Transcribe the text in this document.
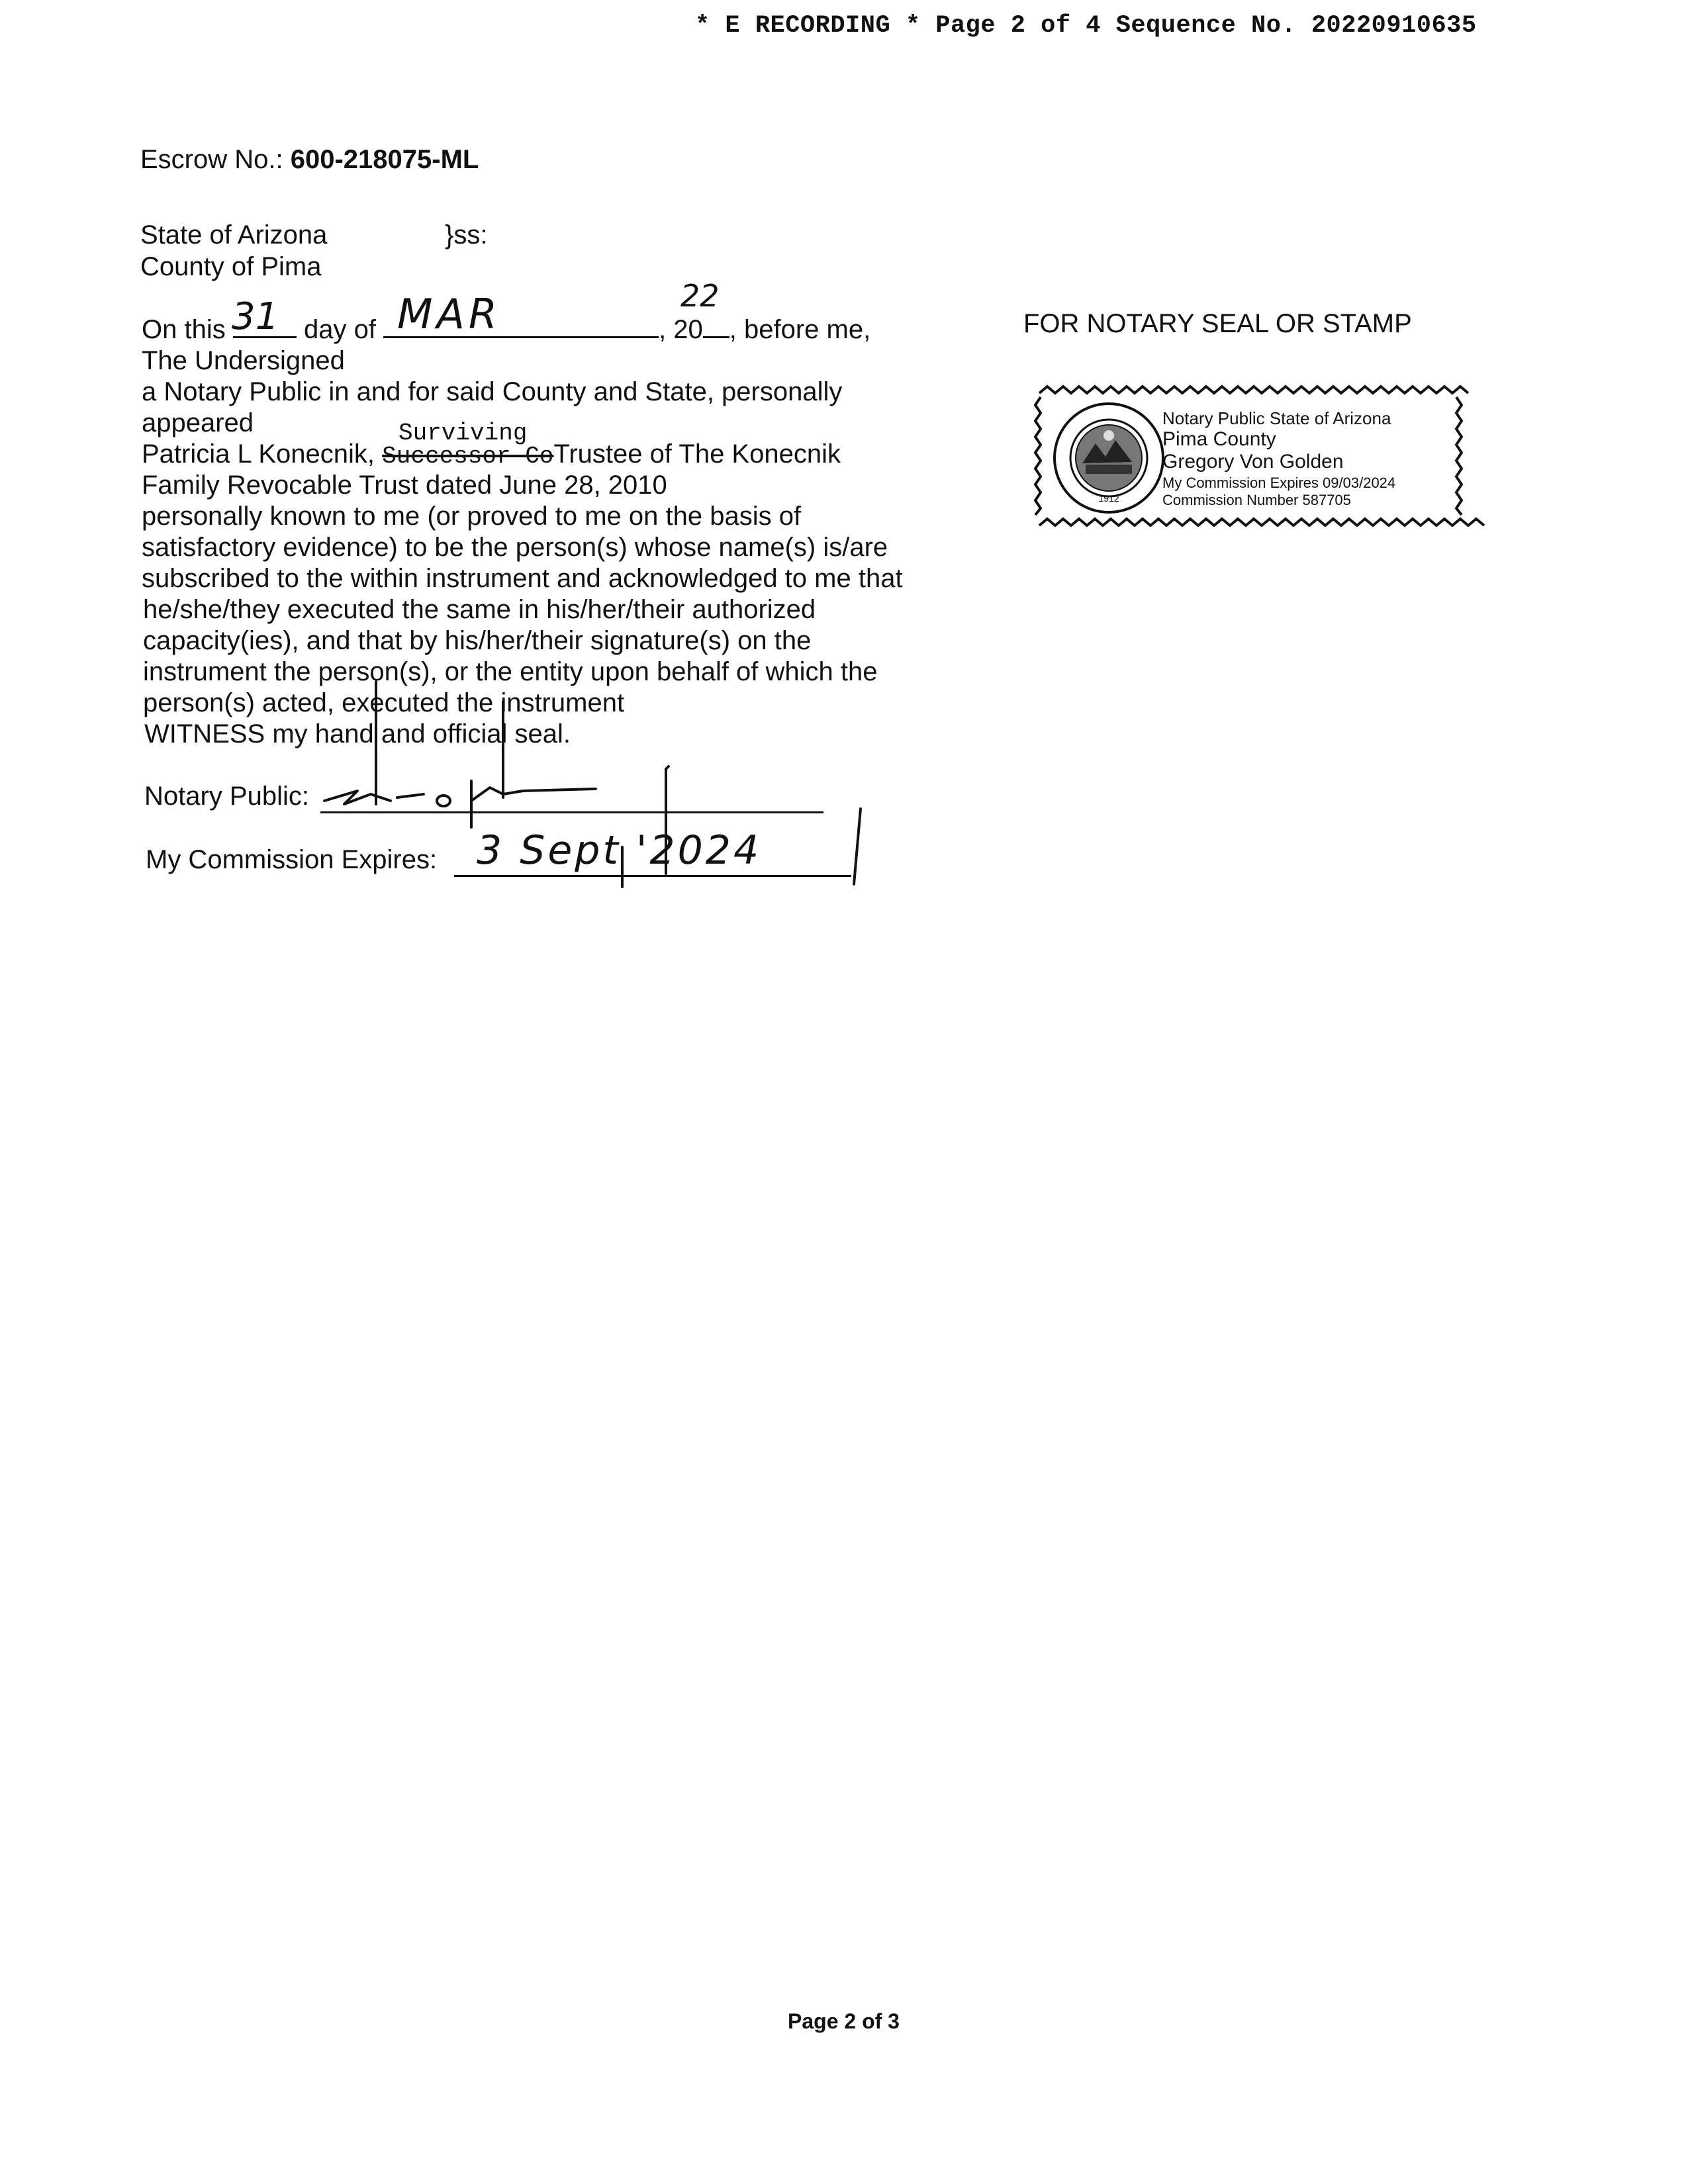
* E RECORDING * Page 2 of 4 Sequence No. 20220910635
Escrow No.: 600-218075-ML
State of Arizona	}ss:
County of Pima
On this	day of	, 20 , before me,
31	MAR	22
The Undersigned
a Notary Public in and for said County and State, personally
appeared	Surviving
Patricia L Konecnik, Successor CoTrustee of The Konecnik
Family Revocable Trust dated June 28, 2010
personally known to me (or proved to me on the basis of
satisfactory evidence) to be the person(s) whose name(s) is/are
subscribed to the within instrument and acknowledged to me that
he/she/they executed the same in his/her/their authorized
capacity(ies), and that by his/her/their signature(s) on the
instrument the person(s), or the entity upon behalf of which the
person(s) acted, executed the instrument
WITNESS my hand and official seal.
Notary Public:
My Commission Expires: 3 Sept '2024
FOR NOTARY SEAL OR STAMP
1912
Notary Public State of Arizona
Pima County
Gregory Von Golden
My Commission Expires 09/03/2024
Commission Number 587705
Page 2 of 3
